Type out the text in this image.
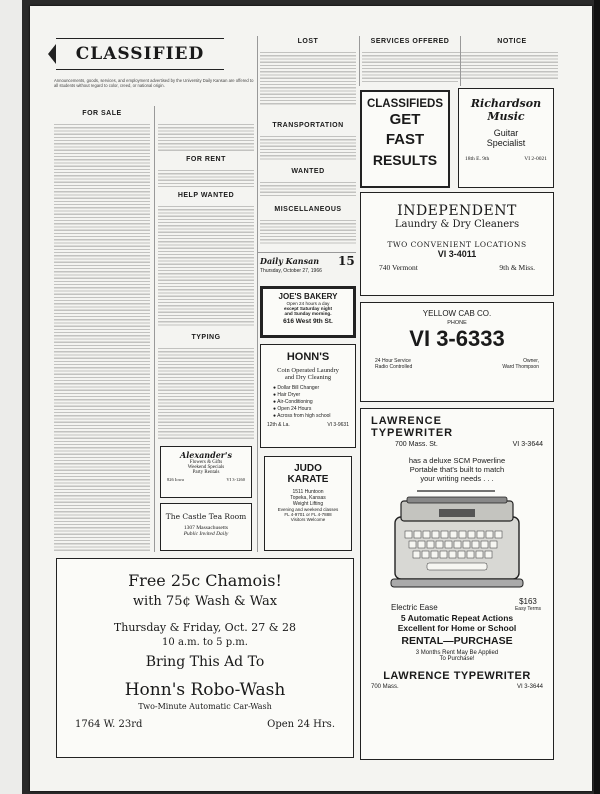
CLASSIFIED
Announcements, goods, services, and employment advertised by the University Daily Kansan are offered to all students without regard to color, creed, or national origin.
FOR SALE
FOR RENT
HELP WANTED
TYPING
Alexander's
Flowers & Gifts
Weekend Specials
Party Rentals
826 Iowa	VI 3-1260
The Castle Tea Room
1307 Massachusetts
Public Invited Daily
LOST
TRANSPORTATION
WANTED
MISCELLANEOUS
Daily Kansan 15
Thursday, October 27, 1966
JOE'S BAKERY
Open 24 hours a day
except Saturday night
and Sunday morning.
616 West 9th St.
HONN'S
Coin Operated Laundry
and Dry Cleaning
● Dollar Bill Changer
● Hair Dryer
● Air-Conditioning
● Open 24 Hours
● Across from high school
12th & La.	VI 3-9631
JUDO
KARATE
1511 Huntoon
Topeka, Kansas
Weight Lifting
Evening and weekend classes
FL 4-9701 or FL 4-7888
Visitors Welcome
SERVICES OFFERED
CLASSIFIEDS
GET
FAST
RESULTS
NOTICE
Richardson
Music
Guitar
Specialist
18th E. 9th	VI 2-0021
INDEPENDENT
Laundry & Dry Cleaners
TWO CONVENIENT LOCATIONS
VI 3-4011
740 Vermont	9th & Miss.
YELLOW CAB CO.
PHONE
VI 3-6333
24 Hour Service
Radio Controlled
Owner,
Ward Thompson
LAWRENCE
TYPEWRITER
700 Mass. St.	VI 3-3644
has a deluxe SCM Powerline
Portable that's built to match
your writing needs . . .
Electric Ease
$163
Easy Terms
5 Automatic Repeat Actions
Excellent for Home or School
RENTAL—PURCHASE
3 Months Rent May Be Applied
To Purchase!
LAWRENCE TYPEWRITER
700 Mass.	VI 3-3644
Free 25c Chamois!
with 75¢ Wash & Wax
Thursday & Friday, Oct. 27 & 28
10 a.m. to 5 p.m.
Bring This Ad To
Honn's Robo-Wash
Two-Minute Automatic Car-Wash
1764 W. 23rd	Open 24 Hrs.
